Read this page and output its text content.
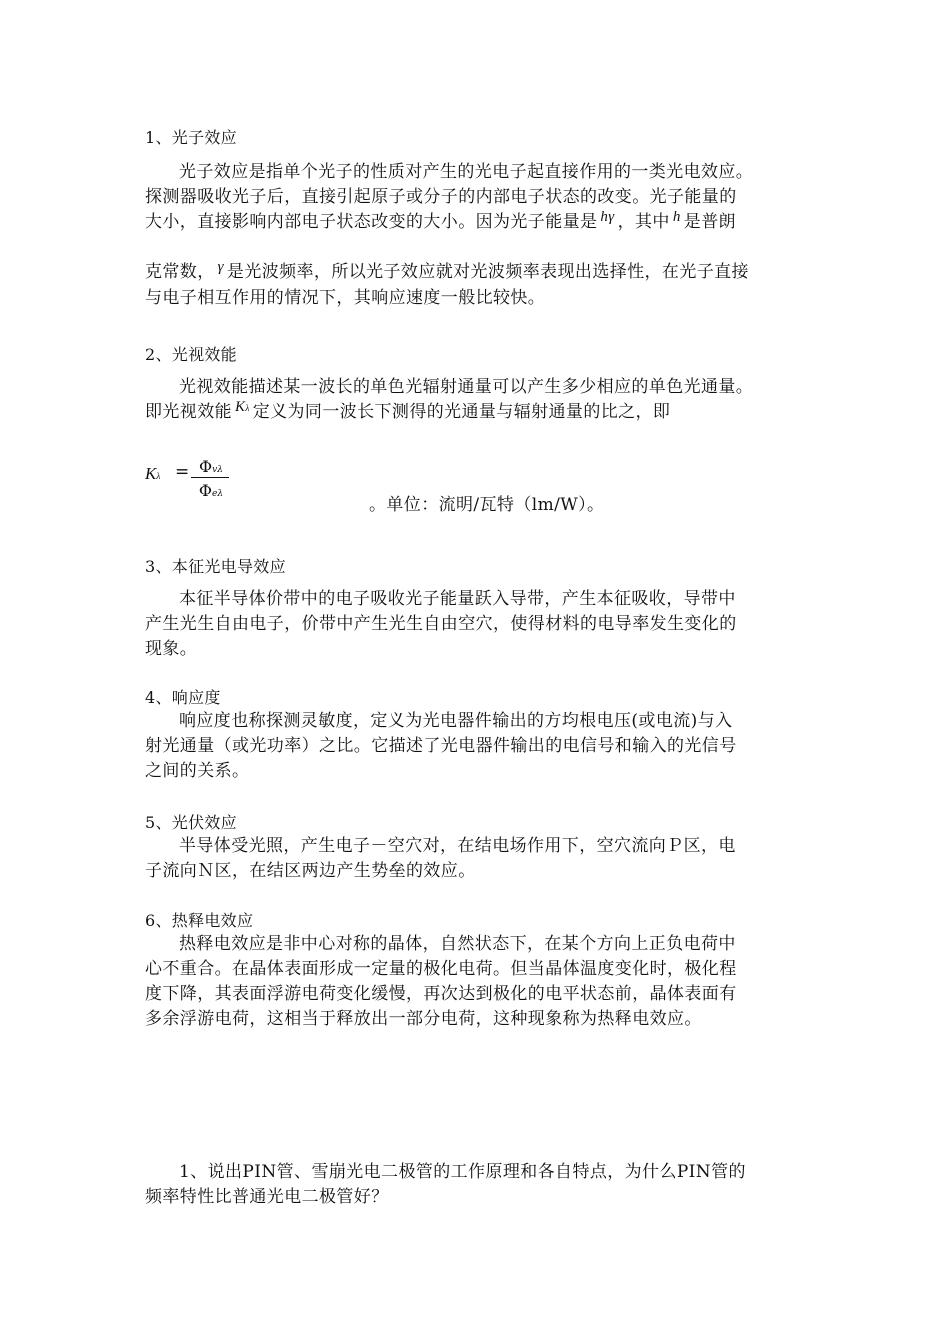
1、光子效应
光子效应是指单个光子的性质对产生的光电子起直接作用的一类光电效应。
探测器吸收光子后，直接引起原子或分子的内部电子状态的改变。光子能量的
大小，直接影响内部电子状态改变的大小。因为光子能量是 hγ ，其中 h 是普朗
克常数， γ 是光波频率，所以光子效应就对光波频率表现出选择性，在光子直接
与电子相互作用的情况下，其响应速度一般比较快。
2、光视效能
光视效能描述某一波长的单色光辐射通量可以产生多少相应的单色光通量。
即光视效能 Kλ 定义为同一波长下测得的光通量与辐射通量的比之，即
Kλ = Φvλ
Φeλ
。单位：流明/瓦特（lm/W）。
3、本征光电导效应
本征半导体价带中的电子吸收光子能量跃入导带，产生本征吸收，导带中
产生光生自由电子，价带中产生光生自由空穴，使得材料的电导率发生变化的
现象。
4、响应度
响应度也称探测灵敏度，定义为光电器件输出的方均根电压(或电流)与入
射光通量（或光功率）之比。它描述了光电器件输出的电信号和输入的光信号
之间的关系。
5、光伏效应
半导体受光照，产生电子－空穴对，在结电场作用下，空穴流向Ｐ区，电
子流向Ｎ区，在结区两边产生势垒的效应。
6、热释电效应
热释电效应是非中心对称的晶体，自然状态下，在某个方向上正负电荷中
心不重合。在晶体表面形成一定量的极化电荷。但当晶体温度变化时，极化程
度下降，其表面浮游电荷变化缓慢，再次达到极化的电平状态前，晶体表面有
多余浮游电荷，这相当于释放出一部分电荷，这种现象称为热释电效应。
1、说出PIN管、雪崩光电二极管的工作原理和各自特点，为什么PIN管的
频率特性比普通光电二极管好？
